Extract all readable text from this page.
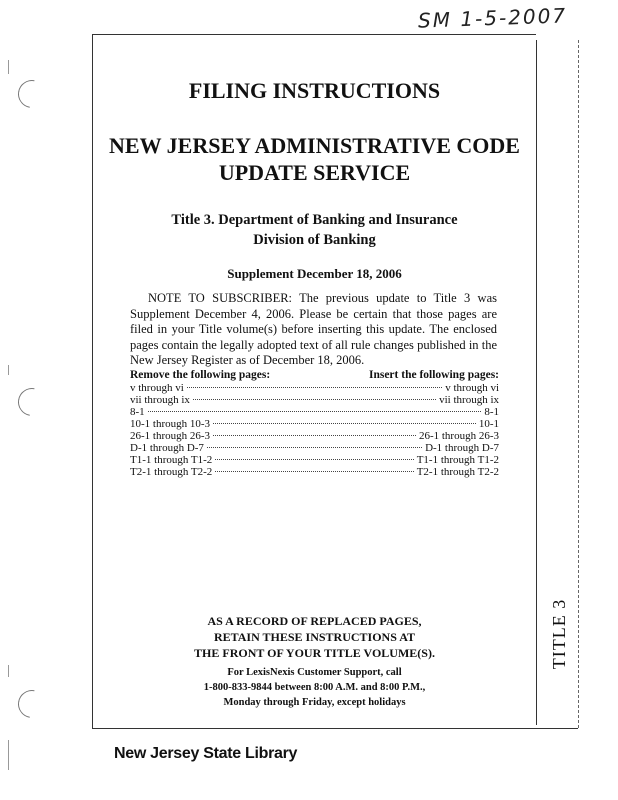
SM 1-5-2007
FILING INSTRUCTIONS
NEW JERSEY ADMINISTRATIVE CODE
UPDATE SERVICE
Title 3. Department of Banking and Insurance
Division of Banking
Supplement December 18, 2006
NOTE TO SUBSCRIBER: The previous update to Title 3 was Supplement December 4, 2006. Please be certain that those pages are filed in your Title volume(s) before inserting this update. The enclosed pages contain the legally adopted text of all rule changes published in the New Jersey Register as of December 18, 2006.
Remove the following pages:	Insert the following pages:
v through vi	v through vi
vii through ix	vii through ix
8-1	8-1
10-1 through 10-3	10-1
26-1 through 26-3	26-1 through 26-3
D-1 through D-7	D-1 through D-7
T1-1 through T1-2	T1-1 through T1-2
T2-1 through T2-2	T2-1 through T2-2
AS A RECORD OF REPLACED PAGES,
RETAIN THESE INSTRUCTIONS AT
THE FRONT OF YOUR TITLE VOLUME(S).
For LexisNexis Customer Support, call
1-800-833-9844 between 8:00 A.M. and 8:00 P.M.,
Monday through Friday, except holidays
TITLE 3
New Jersey State Library
